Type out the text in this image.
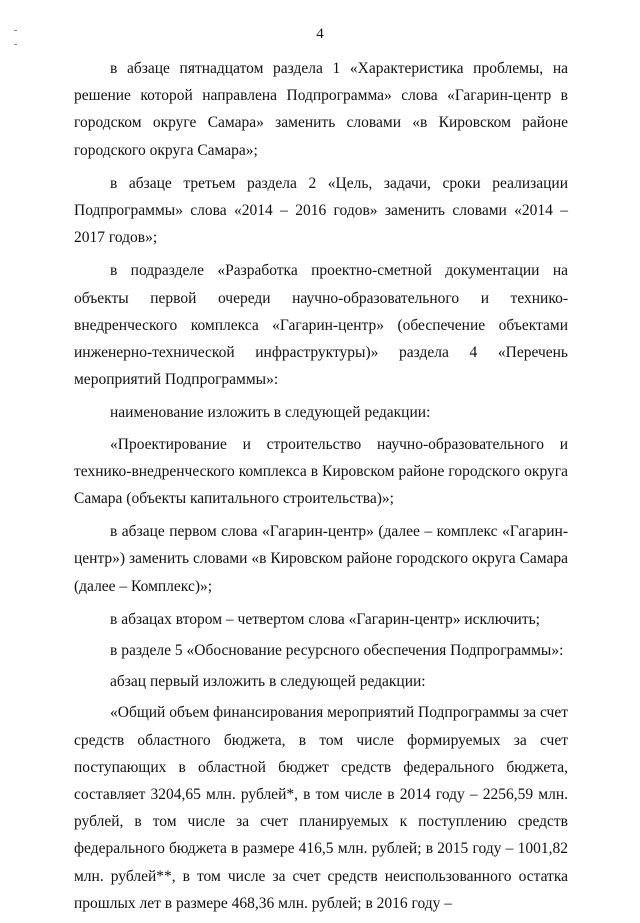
4

в абзаце пятнадцатом раздела 1 «Характеристика проблемы, на решение которой направлена Подпрограмма» слова «Гагарин-центр в городском округе Самара» заменить словами «в Кировском районе городского округа Самара»;

в абзаце третьем раздела 2 «Цель, задачи, сроки реализации Подпрограммы» слова «2014 – 2016 годов» заменить словами «2014 – 2017 годов»;

в подразделе «Разработка проектно-сметной документации на объекты первой очереди научно-образовательного и технико-внедренческого комплекса «Гагарин-центр» (обеспечение объектами инженерно-технической инфраструктуры)» раздела 4 «Перечень мероприятий Подпрограммы»:

наименование изложить в следующей редакции:

«Проектирование и строительство научно-образовательного и технико-внедренческого комплекса в Кировском районе городского округа Самара (объекты капитального строительства)»;

в абзаце первом слова «Гагарин-центр» (далее – комплекс «Гагарин-центр») заменить словами «в Кировском районе городского округа Самара (далее – Комплекс)»;

в абзацах втором – четвертом слова «Гагарин-центр» исключить;

в разделе 5 «Обоснование ресурсного обеспечения Подпрограммы»:

абзац первый изложить в следующей редакции:

«Общий объем финансирования мероприятий Подпрограммы за счет средств областного бюджета, в том числе формируемых за счет поступающих в областной бюджет средств федерального бюджета, составляет 3204,65 млн. рублей*, в том числе в 2014 году – 2256,59 млн. рублей, в том числе за счет планируемых к поступлению средств федерального бюджета в размере 416,5 млн. рублей; в 2015 году – 1001,82 млн. рублей**, в том числе за счет средств неиспользованного остатка прошлых лет в размере 468,36 млн. рублей; в 2016 году –
